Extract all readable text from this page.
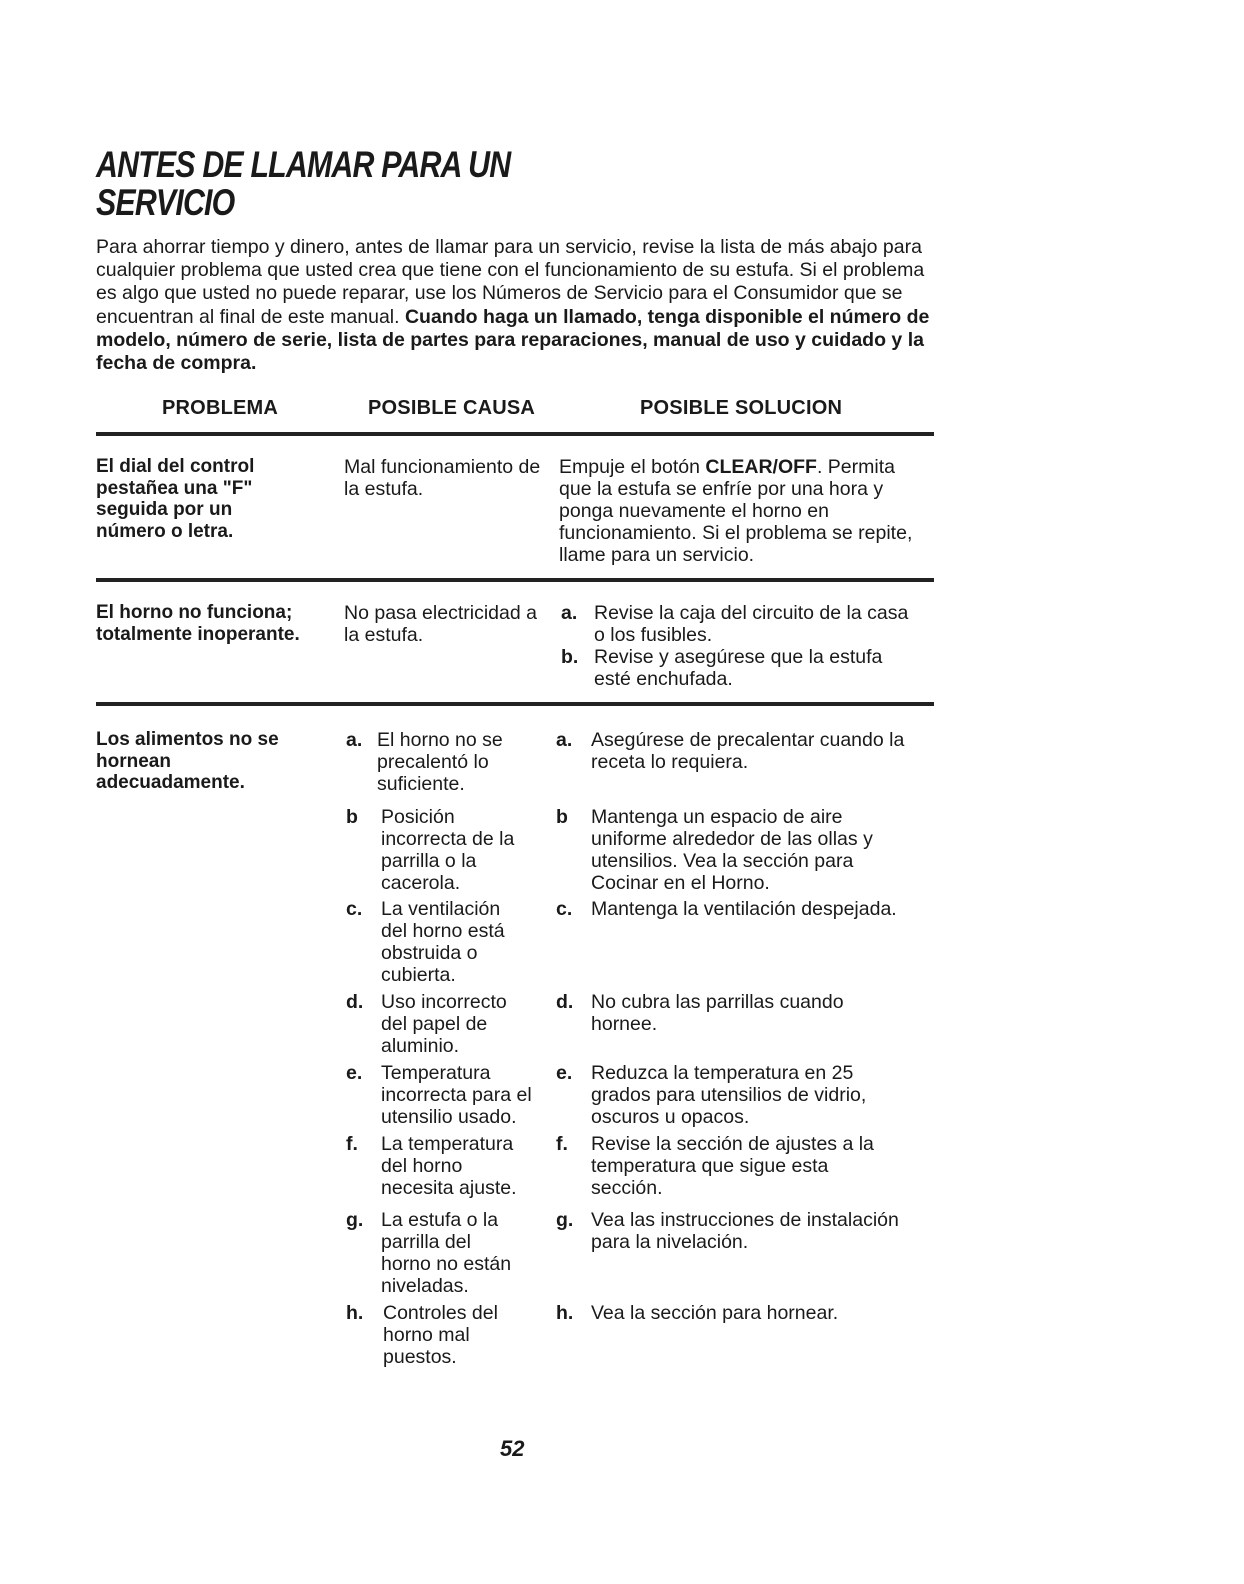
ANTES DE LLAMAR PARA UN
SERVICIO

Para ahorrar tiempo y dinero, antes de llamar para un servicio, revise la lista de más abajo para cualquier problema que usted crea que tiene con el funcionamiento de su estufa. Si el problema es algo que usted no puede reparar, use los Números de Servicio para el Consumidor que se encuentran al final de este manual. Cuando haga un llamado, tenga disponible el número de modelo, número de serie, lista de partes para reparaciones, manual de uso y cuidado y la fecha de compra.

PROBLEMA	POSIBLE CAUSA	POSIBLE SOLUCION
El dial del control pestañea una "F" seguida por un número o letra.
Mal funcionamiento de la estufa.
Empuje el botón CLEAR/OFF. Permita que la estufa se enfríe por una hora y ponga nuevamente el horno en funcionamiento. Si el problema se repite, llame para un servicio.
El horno no funciona; totalmente inoperante.
No pasa electricidad a la estufa.
a. Revise la caja del circuito de la casa o los fusibles.
b. Revise y asegúrese que la estufa esté enchufada.
Los alimentos no se hornean adecuadamente.
a. El horno no se precalentó lo suficiente.
a. Asegúrese de precalentar cuando la receta lo requiera.
b Posición incorrecta de la parrilla o la cacerola.
b Mantenga un espacio de aire uniforme alrededor de las ollas y utensilios. Vea la sección para Cocinar en el Horno.
c. La ventilación del horno está obstruida o cubierta.
c. Mantenga la ventilación despejada.
d. Uso incorrecto del papel de aluminio.
d. No cubra las parrillas cuando hornee.
e. Temperatura incorrecta para el utensilio usado.
e. Reduzca la temperatura en 25 grados para utensilios de vidrio, oscuros u opacos.
f. La temperatura del horno necesita ajuste.
f. Revise la sección de ajustes a la temperatura que sigue esta sección.
g. La estufa o la parrilla del horno no están niveladas.
g. Vea las instrucciones de instalación para la nivelación.
h. Controles del horno mal puestos.
h. Vea la sección para hornear.
52
